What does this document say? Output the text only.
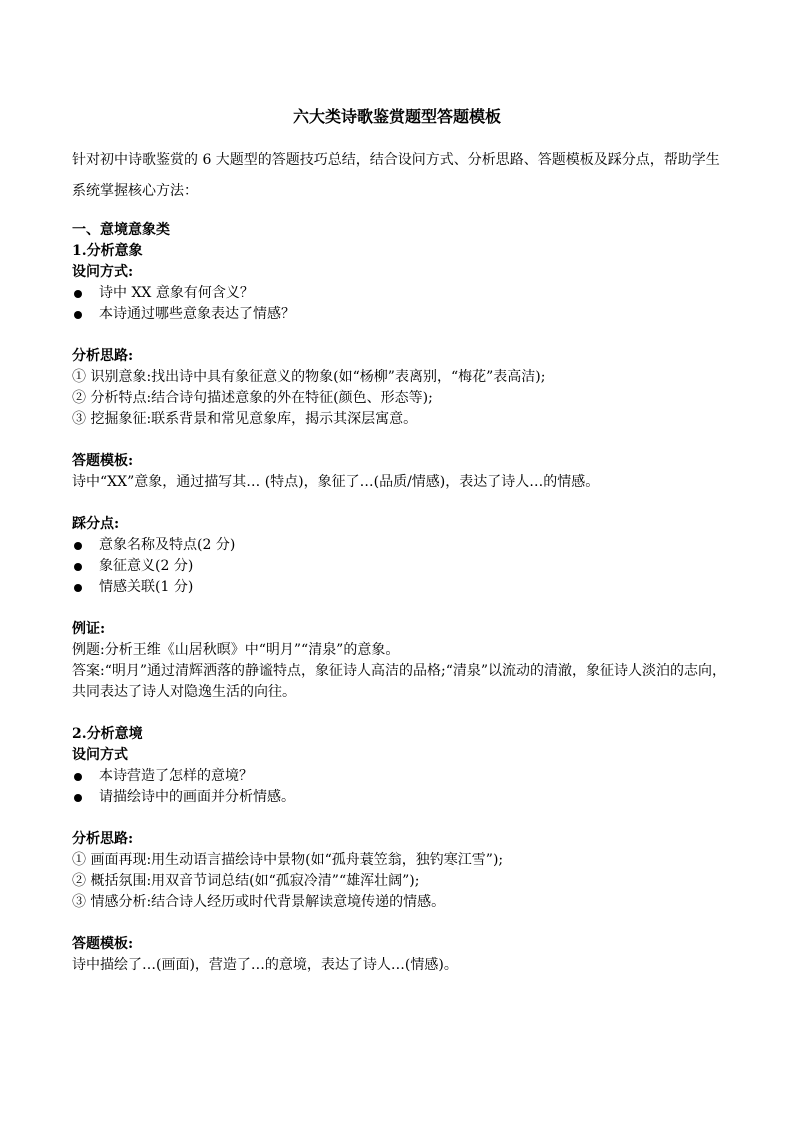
六大类诗歌鉴赏题型答题模板
针对初中诗歌鉴赏的 6 大题型的答题技巧总结，结合设问方式、分析思路、答题模板及踩分点，帮助学生系统掌握核心方法：
一、意境意象类
1.分析意象
设问方式:
诗中 XX 意象有何含义？
本诗通过哪些意象表达了情感？
分析思路:
① 识别意象:找出诗中具有象征意义的物象(如“杨柳”表离别，“梅花”表高洁);
② 分析特点:结合诗句描述意象的外在特征(颜色、形态等);
③ 挖掘象征:联系背景和常见意象库，揭示其深层寓意。
答题模板:
诗中“XX”意象，通过描写其… (特点)，象征了…(品质/情感)，表达了诗人…的情感。
踩分点:
意象名称及特点(2 分)
象征意义(2 分)
情感关联(1 分)
例证:
例题:分析王维《山居秋暝》中“明月”“清泉”的意象。
答案:“明月”通过清辉洒落的静谧特点，象征诗人高洁的品格;“清泉”以流动的清澈，象征诗人淡泊的志向，共同表达了诗人对隐逸生活的向往。
2.分析意境
设问方式
本诗营造了怎样的意境？
请描绘诗中的画面并分析情感。
分析思路:
① 画面再现:用生动语言描绘诗中景物(如“孤舟蓑笠翁，独钓寒江雪”);
② 概括氛围:用双音节词总结(如“孤寂冷清”“雄浑壮阔”);
③ 情感分析:结合诗人经历或时代背景解读意境传递的情感。
答题模板:
诗中描绘了…(画面)，营造了…的意境，表达了诗人…(情感)。
